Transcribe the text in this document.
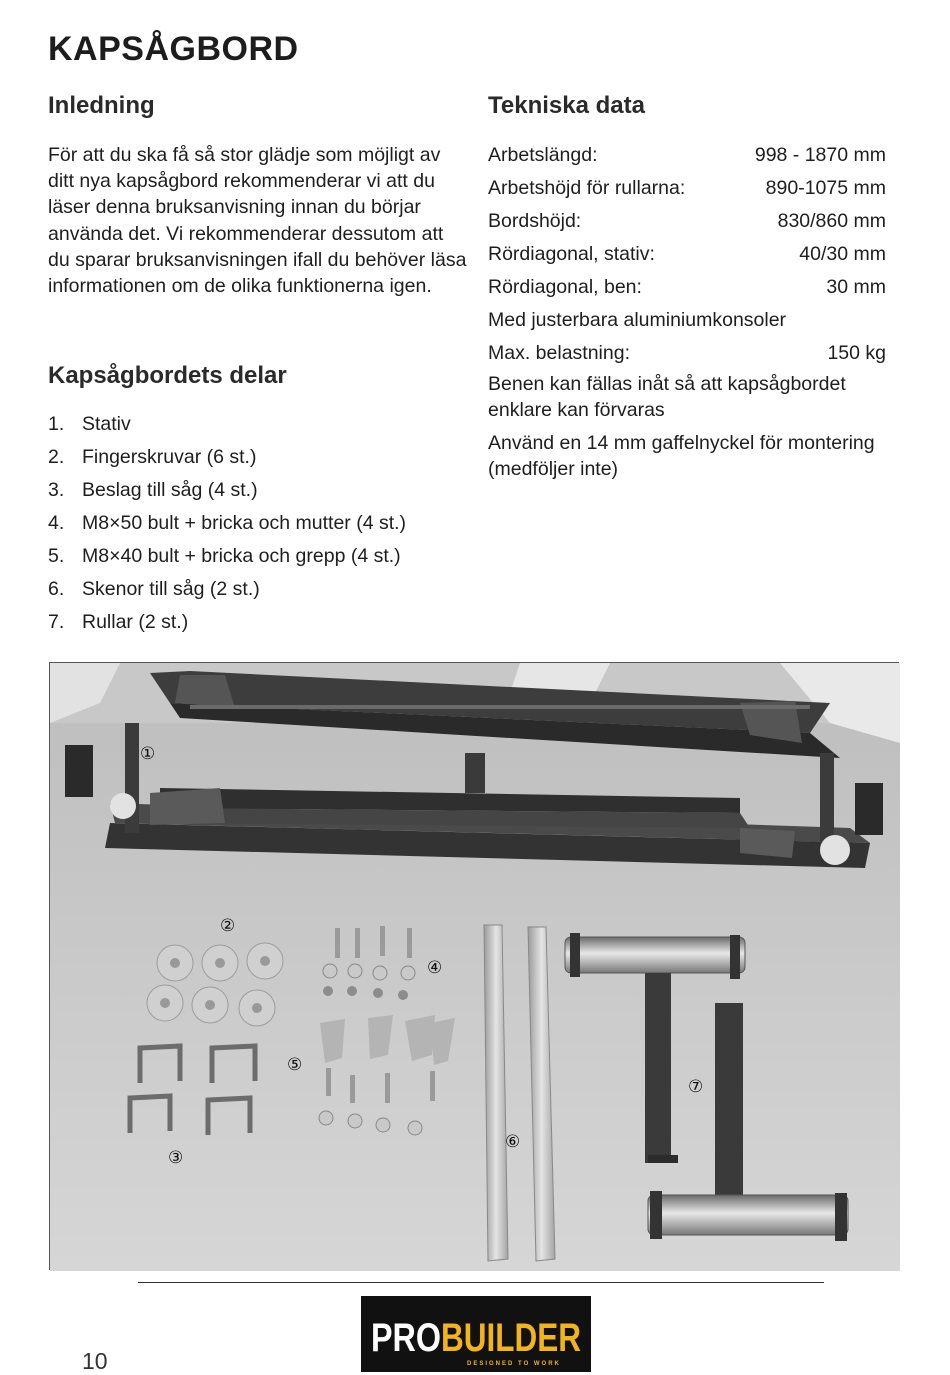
KAPSÅGBORD
Inledning

För att du ska få så stor glädje som möjligt av ditt nya kapsågbord rekommenderar vi att du läser denna bruksanvisning innan du börjar använda det. Vi rekommenderar dessutom att du sparar bruksanvisningen ifall du behöver läsa informationen om de olika funktionerna igen.

Kapsågbordets delar
1. Stativ
2. Fingerskruvar (6 st.)
3. Beslag till såg (4 st.)
4. M8×50 bult + bricka och mutter (4 st.)
5. M8×40 bult + bricka och grepp (4 st.)
6. Skenor till såg (2 st.)
7. Rullar (2 st.)
Tekniska data
Arbetslängd:	998 - 1870 mm
Arbetshöjd för rullarna:	890-1075 mm
Bordshöjd:	830/860 mm
Rördiagonal, stativ:	40/30 mm
Rördiagonal, ben:	30 mm
Med justerbara aluminiumkonsoler
Max. belastning:	150 kg
Benen kan fällas inåt så att kapsågbordet enklare kan förvaras
Använd en 14 mm gaffelnyckel för montering (medföljer inte)
①
②
③
④
⑤
⑥
⑦
PRO BUILDER
DESIGNED TO WORK
10
